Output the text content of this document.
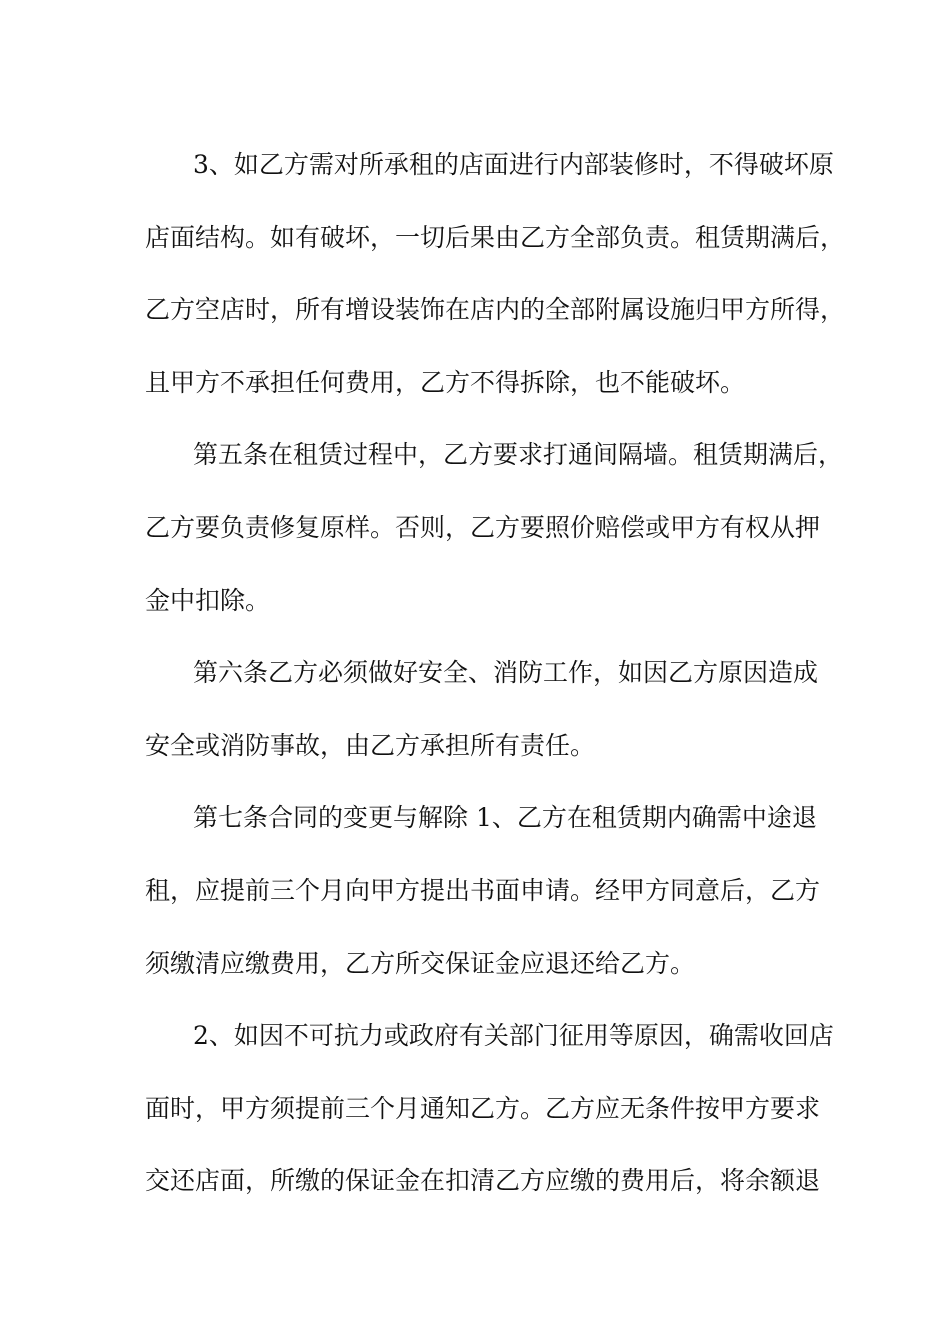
3、如乙方需对所承租的店面进行内部装修时，不得破坏原
店面结构。如有破坏，一切后果由乙方全部负责。租赁期满后，
乙方空店时，所有增设装饰在店内的全部附属设施归甲方所得，
且甲方不承担任何费用，乙方不得拆除，也不能破坏。

第五条在租赁过程中，乙方要求打通间隔墙。租赁期满后，
乙方要负责修复原样。否则，乙方要照价赔偿或甲方有权从押
金中扣除。

第六条乙方必须做好安全、消防工作，如因乙方原因造成
安全或消防事故，由乙方承担所有责任。

第七条合同的变更与解除 1、乙方在租赁期内确需中途退
租，应提前三个月向甲方提出书面申请。经甲方同意后，乙方
须缴清应缴费用，乙方所交保证金应退还给乙方。

2、如因不可抗力或政府有关部门征用等原因，确需收回店
面时，甲方须提前三个月通知乙方。乙方应无条件按甲方要求
交还店面，所缴的保证金在扣清乙方应缴的费用后，将余额退
